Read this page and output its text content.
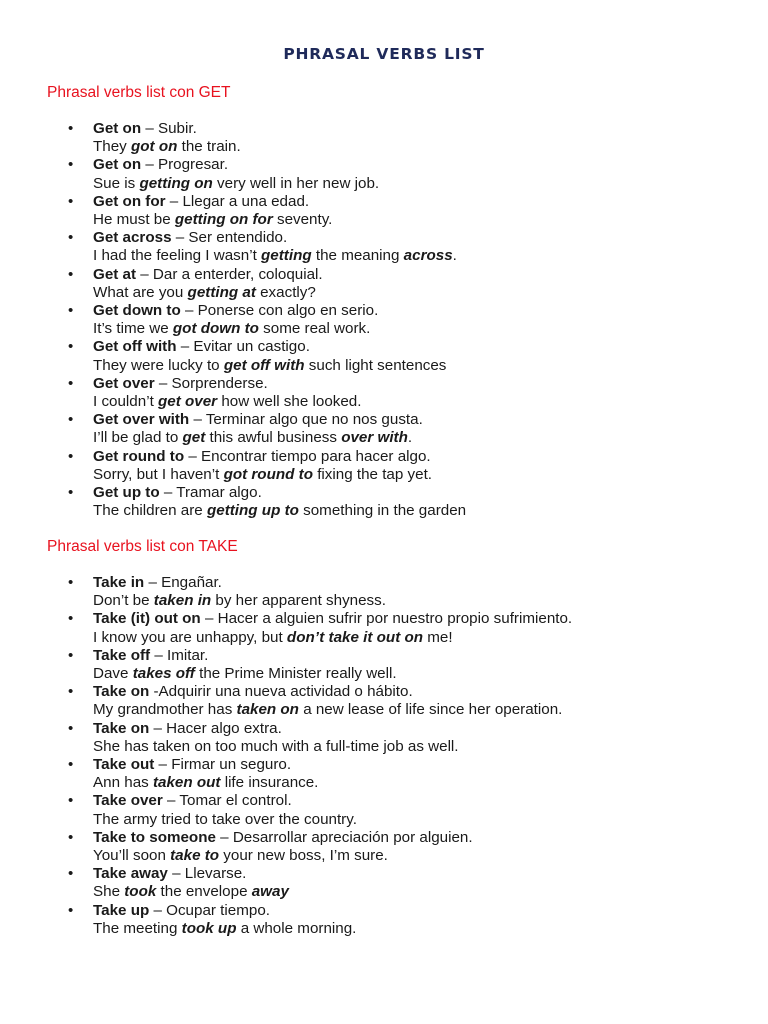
PHRASAL VERBS LIST
Phrasal verbs list con GET
• Get on – Subir.
They got on the train.
• Get on – Progresar.
Sue is getting on very well in her new job.
• Get on for – Llegar a una edad.
He must be getting on for seventy.
• Get across – Ser entendido.
I had the feeling I wasn’t getting the meaning across.
• Get at – Dar a enterder, coloquial.
What are you getting at exactly?
• Get down to – Ponerse con algo en serio.
It’s time we got down to some real work.
• Get off with – Evitar un castigo.
They were lucky to get off with such light sentences
• Get over – Sorprenderse.
I couldn’t get over how well she looked.
• Get over with – Terminar algo que no nos gusta.
I’ll be glad to get this awful business over with.
• Get round to – Encontrar tiempo para hacer algo.
Sorry, but I haven’t got round to fixing the tap yet.
• Get up to – Tramar algo.
The children are getting up to something in the garden
Phrasal verbs list con TAKE
• Take in – Engañar.
Don’t be taken in by her apparent shyness.
• Take (it) out on – Hacer a alguien sufrir por nuestro propio sufrimiento.
I know you are unhappy, but don’t take it out on me!
• Take off – Imitar.
Dave takes off the Prime Minister really well.
• Take on -Adquirir una nueva actividad o hábito.
My grandmother has taken on a new lease of life since her operation.
• Take on – Hacer algo extra.
She has taken on too much with a full-time job as well.
• Take out – Firmar un seguro.
Ann has taken out life insurance.
• Take over – Tomar el control.
The army tried to take over the country.
• Take to someone – Desarrollar apreciación por alguien.
You’ll soon take to your new boss, I’m sure.
• Take away – Llevarse.
She took the envelope away
• Take up – Ocupar tiempo.
The meeting took up a whole morning.
